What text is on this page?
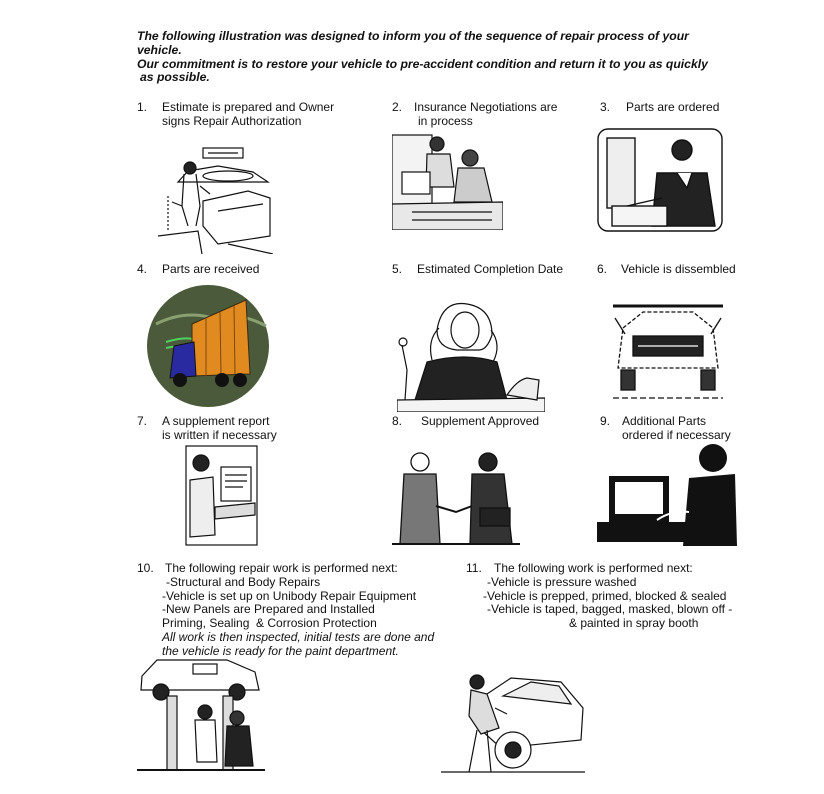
The following illustration was designed to inform you of the sequence of repair process of your
vehicle.
Our commitment is to restore your vehicle to pre-accident condition and return it to you as quickly
as possible.
1. Estimate is prepared and Owner
signs Repair Authorization
2. Insurance Negotiations are
in process
3. Parts are ordered
4. Parts are received	5. Estimated Completion Date	6. Vehicle is dissembled
7. A supplement report
is written if necessary
8. Supplement Approved	9. Additional Parts
ordered if necessary
10. The following repair work is performed next:
-Structural and Body Repairs
-Vehicle is set up on Unibody Repair Equipment
-New Panels are Prepared and Installed
Priming, Sealing  & Corrosion Protection
All work is then inspected, initial tests are done and
the vehicle is ready for the paint department.
11. The following work is performed next:
-Vehicle is pressure washed
-Vehicle is prepped, primed, blocked & sealed
-Vehicle is taped, bagged, masked, blown off -
& painted in spray booth
